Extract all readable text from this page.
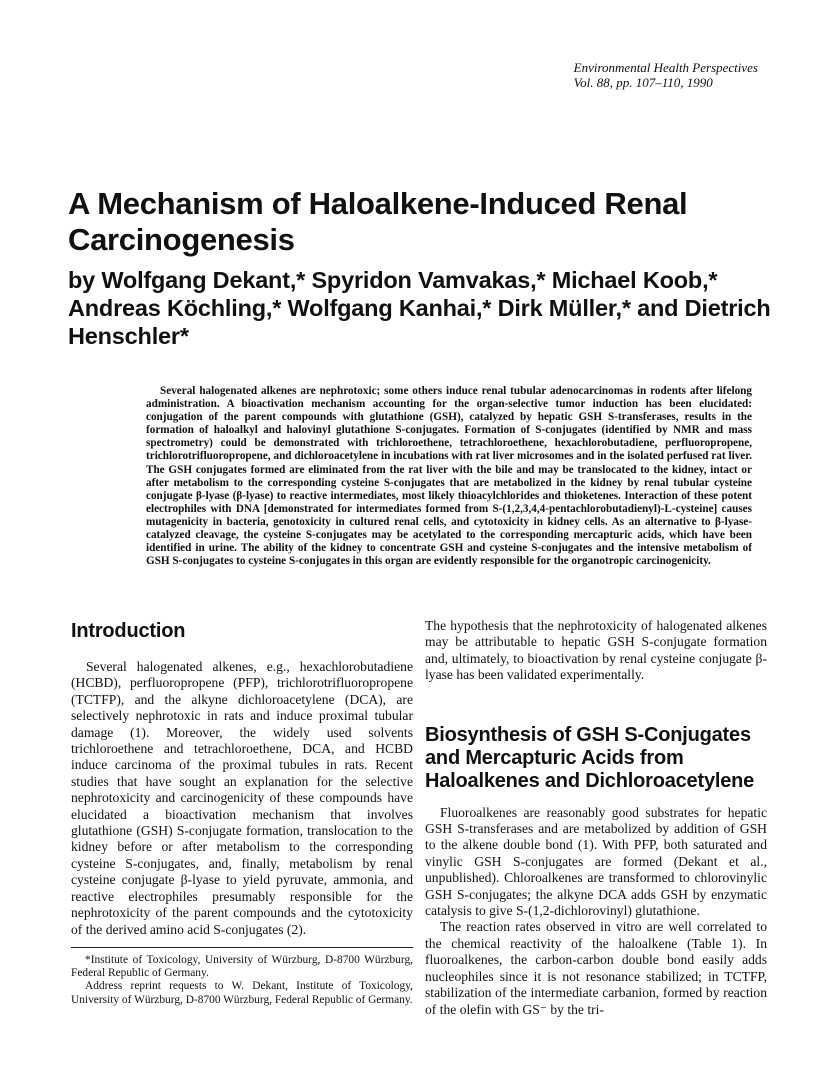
Environmental Health Perspectives
Vol. 88, pp. 107–110, 1990
A Mechanism of Haloalkene-Induced Renal Carcinogenesis
by Wolfgang Dekant,* Spyridon Vamvakas,* Michael Koob,* Andreas Köchling,* Wolfgang Kanhai,* Dirk Müller,* and Dietrich Henschler*

Several halogenated alkenes are nephrotoxic; some others induce renal tubular adenocarcinomas in rodents after lifelong administration. A bioactivation mechanism accounting for the organ-selective tumor induction has been elucidated: conjugation of the parent compounds with glutathione (GSH), catalyzed by hepatic GSH S-transferases, results in the formation of haloalkyl and halovinyl glutathione S-conjugates. Formation of S-conjugates (identified by NMR and mass spectrometry) could be demonstrated with trichloroethene, tetrachloroethene, hexachlorobutadiene, perfluoropropene, trichlorotrifluoropropene, and dichloroacetylene in incubations with rat liver microsomes and in the isolated perfused rat liver. The GSH conjugates formed are eliminated from the rat liver with the bile and may be translocated to the kidney, intact or after metabolism to the corresponding cysteine S-conjugates that are metabolized in the kidney by renal tubular cysteine conjugate β-lyase (β-lyase) to reactive intermediates, most likely thioacylchlorides and thioketenes. Interaction of these potent electrophiles with DNA [demonstrated for intermediates formed from S-(1,2,3,4,4-pentachlorobutadienyl)-L-cysteine] causes mutagenicity in bacteria, genotoxicity in cultured renal cells, and cytotoxicity in kidney cells. As an alternative to β-lyase-catalyzed cleavage, the cysteine S-conjugates may be acetylated to the corresponding mercapturic acids, which have been identified in urine. The ability of the kidney to concentrate GSH and cysteine S-conjugates and the intensive metabolism of GSH S-conjugates to cysteine S-conjugates in this organ are evidently responsible for the organotropic carcinogenicity.

Introduction

Several halogenated alkenes, e.g., hexachlorobutadiene (HCBD), perfluoropropene (PFP), trichlorotrifluoropropene (TCTFP), and the alkyne dichloroacetylene (DCA), are selectively nephrotoxic in rats and induce proximal tubular damage (1). Moreover, the widely used solvents trichloroethene and tetrachloroethene, DCA, and HCBD induce carcinoma of the proximal tubules in rats. Recent studies that have sought an explanation for the selective nephrotoxicity and carcinogenicity of these compounds have elucidated a bioactivation mechanism that involves glutathione (GSH) S-conjugate formation, translocation to the kidney before or after metabolism to the corresponding cysteine S-conjugates, and, finally, metabolism by renal cysteine conjugate β-lyase to yield pyruvate, ammonia, and reactive electrophiles presumably responsible for the nephrotoxicity of the parent compounds and the cytotoxicity of the derived amino acid S-conjugates (2).

*Institute of Toxicology, University of Würzburg, D-8700 Würzburg, Federal Republic of Germany.

Address reprint requests to W. Dekant, Institute of Toxicology, University of Würzburg, D-8700 Würzburg, Federal Republic of Germany.

The hypothesis that the nephrotoxicity of halogenated alkenes may be attributable to hepatic GSH S-conjugate formation and, ultimately, to bioactivation by renal cysteine conjugate β-lyase has been validated experimentally.

Biosynthesis of GSH S-Conjugates and Mercapturic Acids from Haloalkenes and Dichloroacetylene

Fluoroalkenes are reasonably good substrates for hepatic GSH S-transferases and are metabolized by addition of GSH to the alkene double bond (1). With PFP, both saturated and vinylic GSH S-conjugates are formed (Dekant et al., unpublished). Chloroalkenes are transformed to chlorovinylic GSH S-conjugates; the alkyne DCA adds GSH by enzymatic catalysis to give S-(1,2-dichlorovinyl) glutathione.

The reaction rates observed in vitro are well correlated to the chemical reactivity of the haloalkene (Table 1). In fluoroalkenes, the carbon-carbon double bond easily adds nucleophiles since it is not resonance stabilized; in TCTFP, stabilization of the intermediate carbanion, formed by reaction of the olefin with GS⁻ by the tri-
